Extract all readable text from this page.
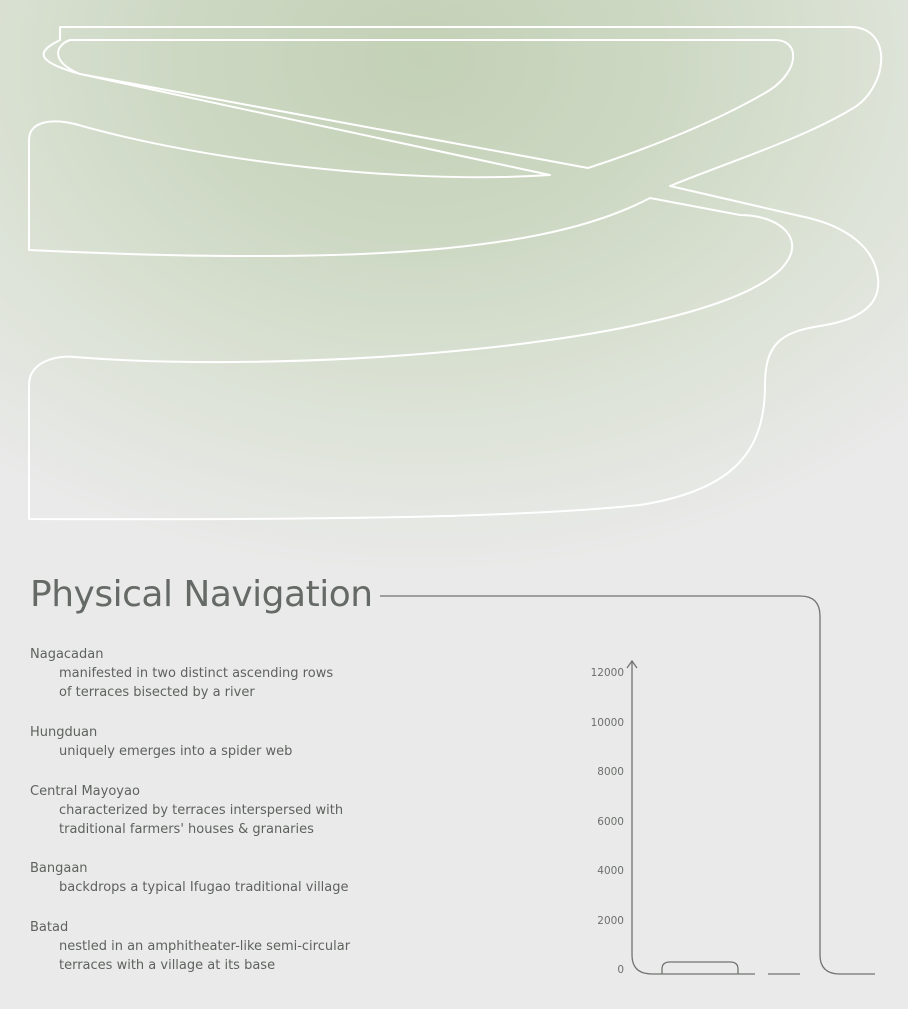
Physical Navigation
Nagacadan
manifested in two distinct ascending rows
of terraces bisected by a river
Hungduan
uniquely emerges into a spider web
Central Mayoyao
characterized by terraces interspersed with
traditional farmers' houses & granaries
Bangaan
backdrops a typical Ifugao traditional village
Batad
nestled in an amphitheater-like semi-circular
terraces with a village at its base
12000
10000
8000
6000
4000
2000
0
